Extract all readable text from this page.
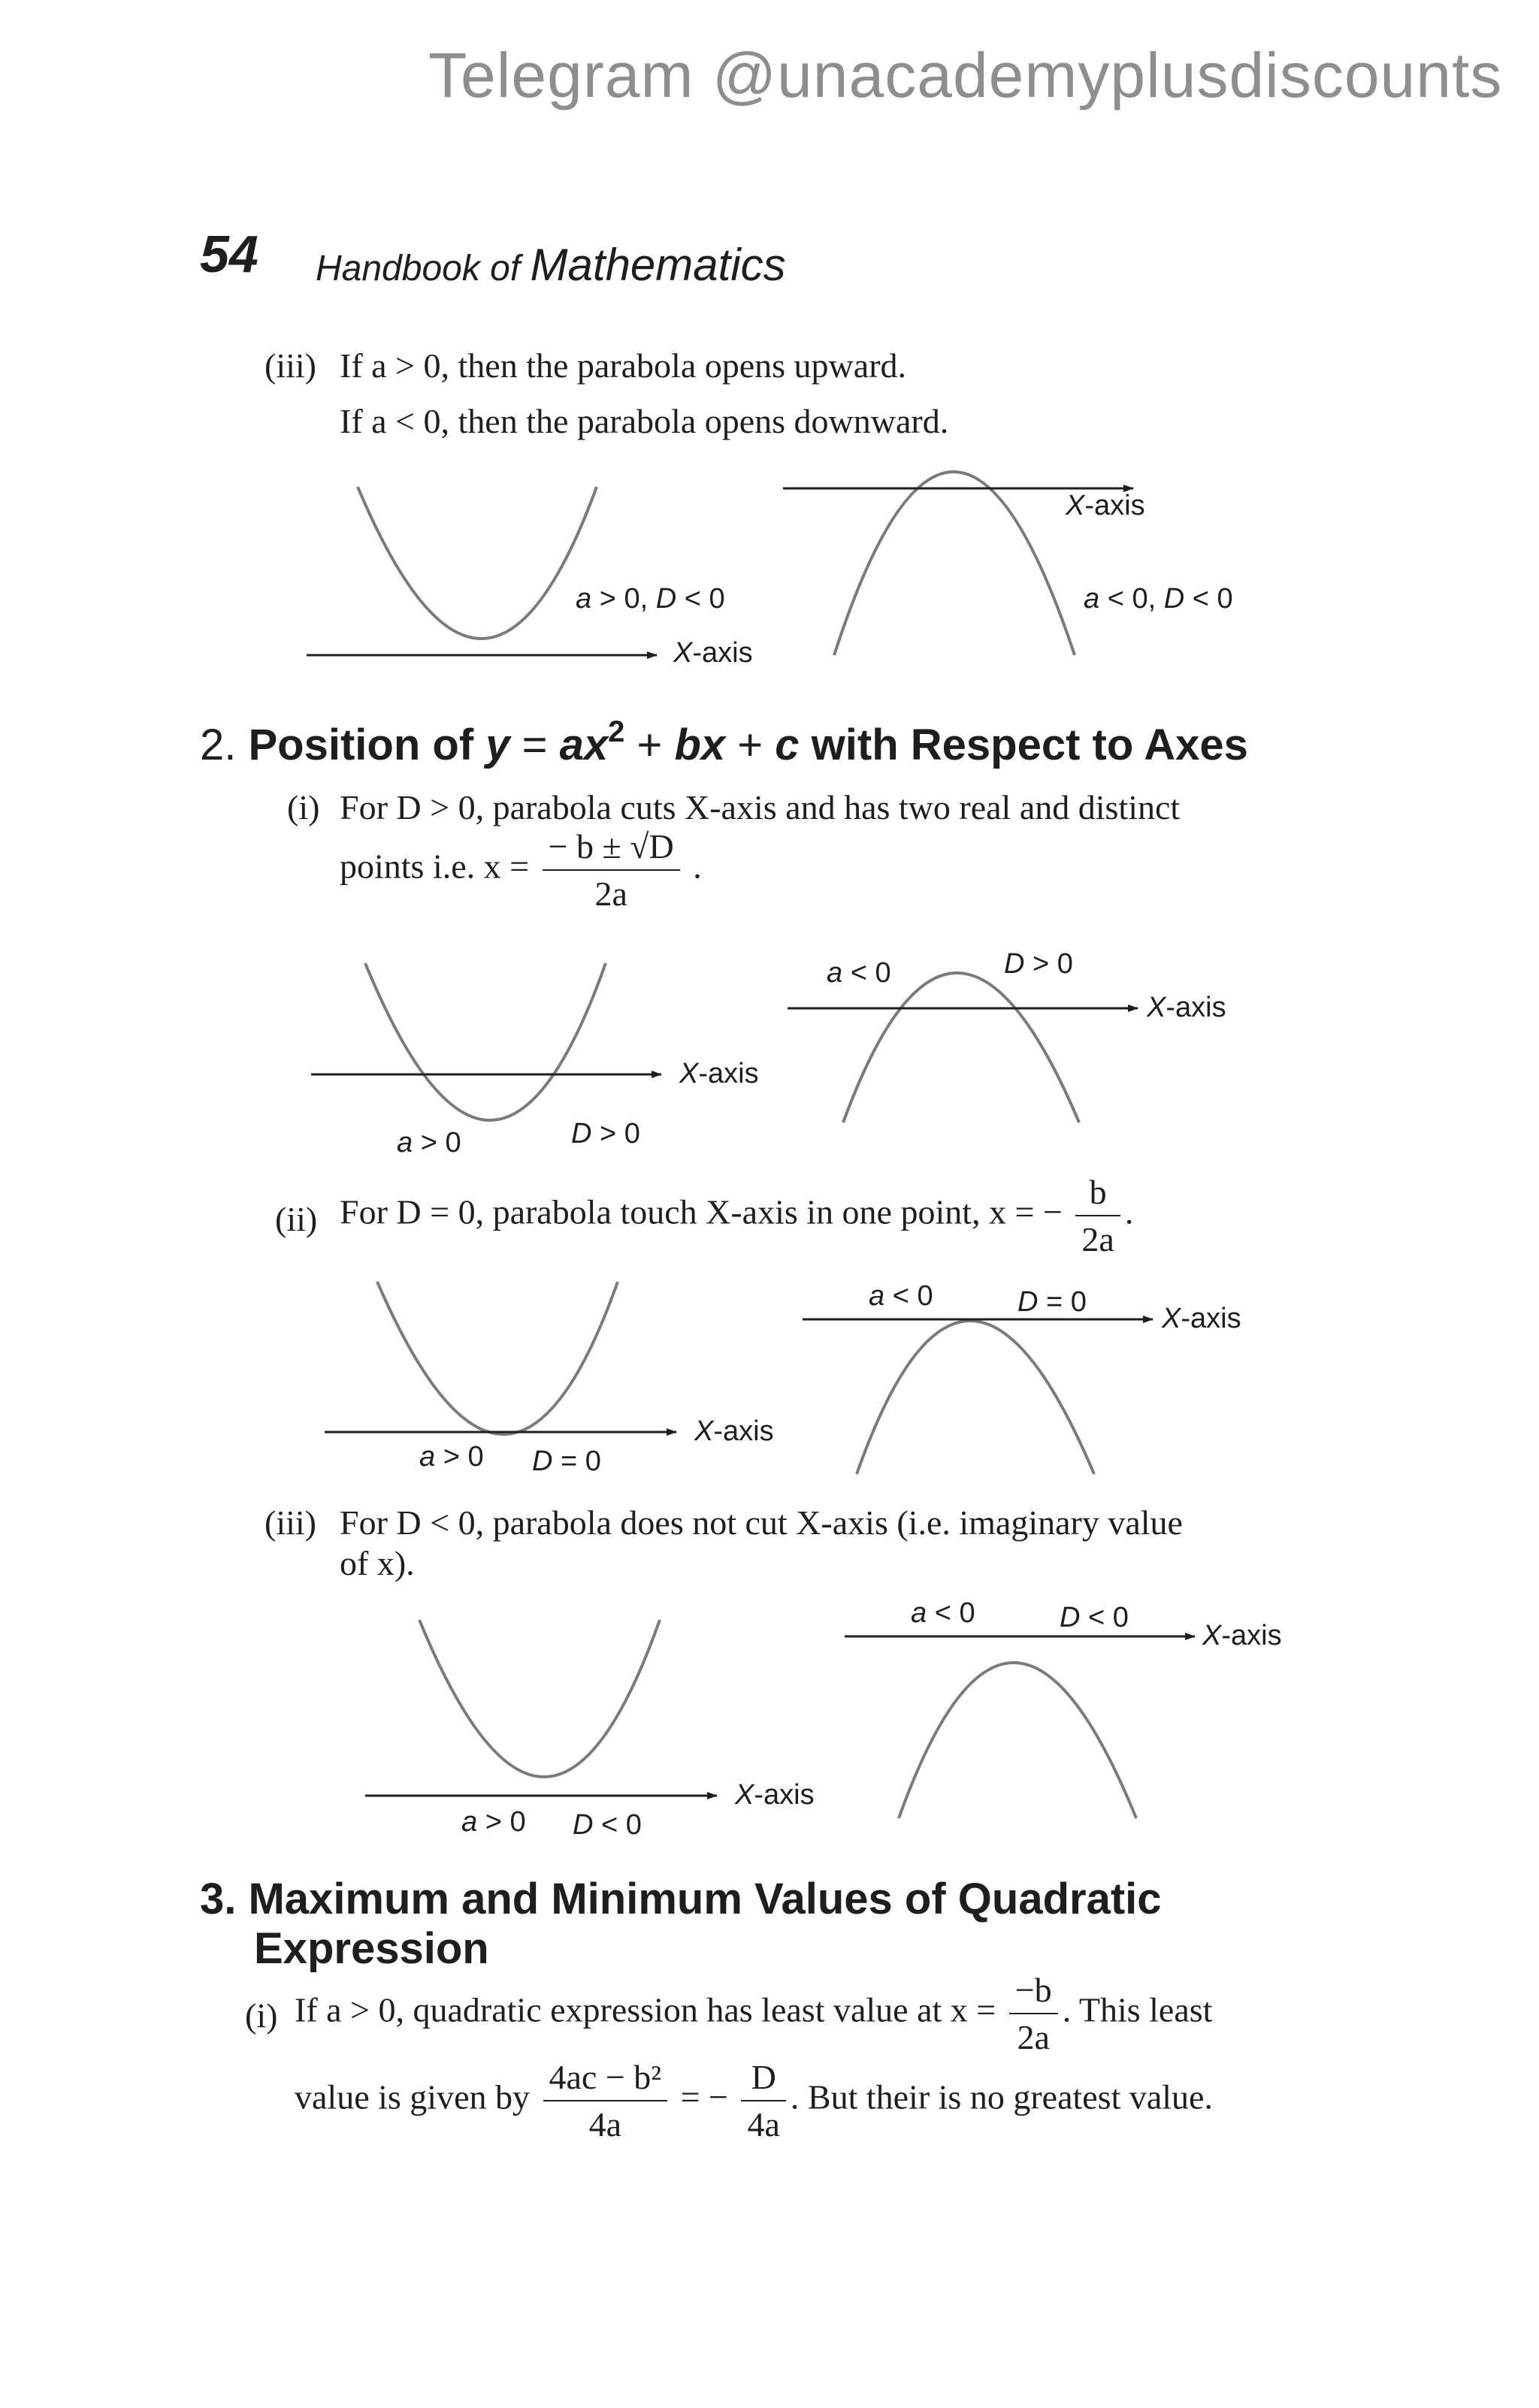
Telegram @unacademyplusdiscounts
54 Handbook of Mathematics
(iii) If a > 0, then the parabola opens upward.
If a < 0, then the parabola opens downward.
X-axis
X-axis
a > 0, D < 0	a < 0, D < 0
2. Position of $y = ax^2$ + bx + c with Respect to Axes
(i) For D > 0, parabola cuts X-axis and has two real and distinct
points i.e. $x = \frac{- b \pm √D}{2a}$ .
X-axis
X-axis
a > 0	D > 0
a < 0	D > 0
(ii) For D = 0, parabola touch X-axis in one point, x = − $\frac{b}{2a}$ .
X-axis
X-axis
a > 0 D = 0
a < 0	D = 0
(iii) For D < 0, parabola does not cut X-axis (i.e. imaginary value
of x).
X-axis
X-axis
a > 0 D < 0
a < 0	D < 0
3. Maximum and Minimum Values of Quadratic
Expression
(i) If a > 0, quadratic expression has least value at $x = \frac{-b}{2a}$ . This least
value is given by $\frac{\text{4ac − b²}}{4a}$ = − $\frac{D}{4a}$ . But their is no greatest value.
